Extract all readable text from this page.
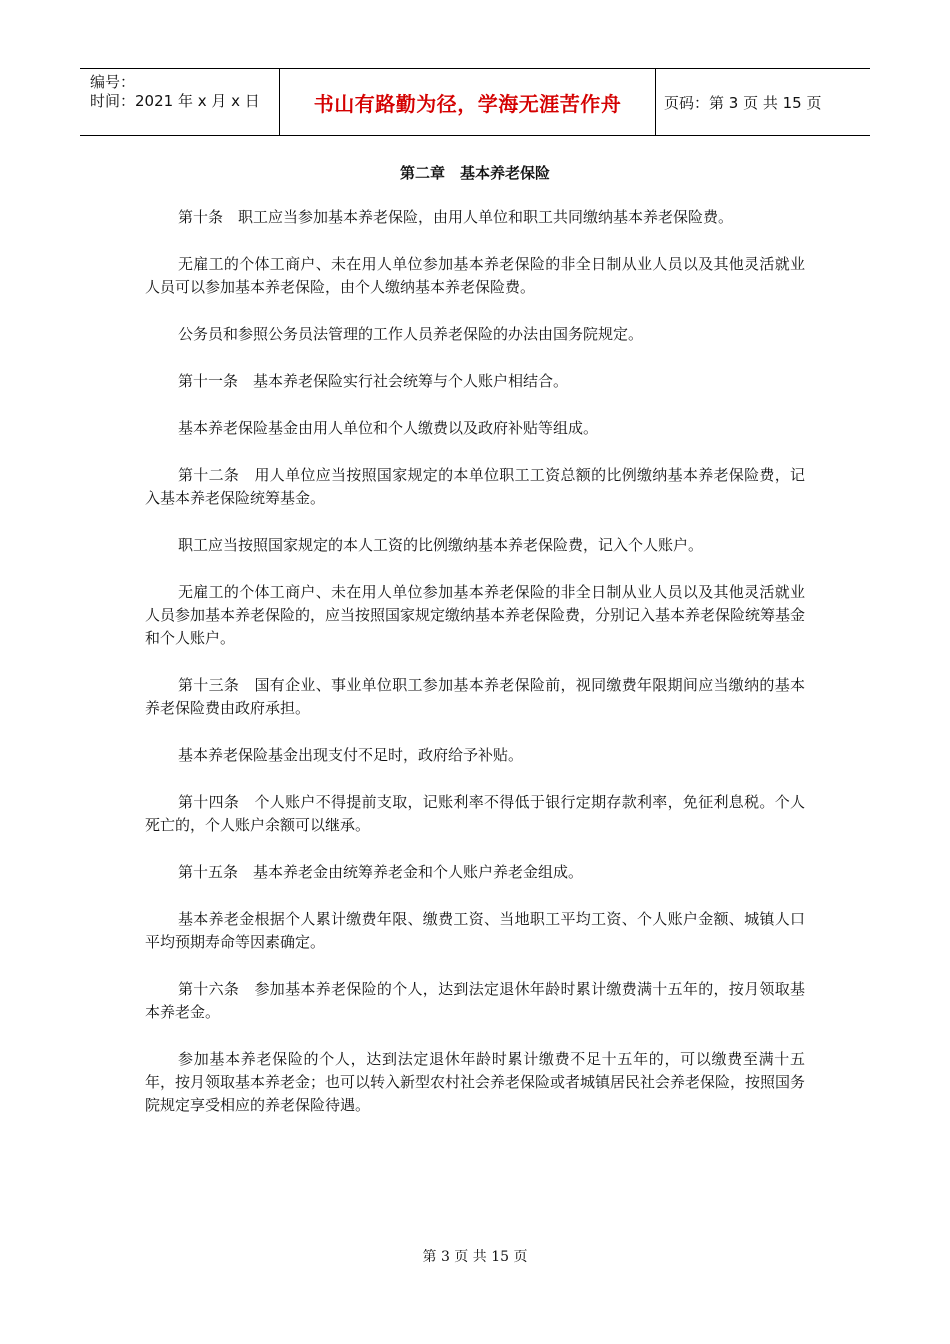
编号：
时间：2021 年 x 月 x 日	书山有路勤为径，学海无涯苦作舟	页码：第 3 页 共 15 页
第二章　基本养老保险

第十条　职工应当参加基本养老保险，由用人单位和职工共同缴纳基本养老保险费。

无雇工的个体工商户、未在用人单位参加基本养老保险的非全日制从业人员以及其他灵活就业人员可以参加基本养老保险，由个人缴纳基本养老保险费。

公务员和参照公务员法管理的工作人员养老保险的办法由国务院规定。

第十一条　基本养老保险实行社会统筹与个人账户相结合。

基本养老保险基金由用人单位和个人缴费以及政府补贴等组成。

第十二条　用人单位应当按照国家规定的本单位职工工资总额的比例缴纳基本养老保险费，记入基本养老保险统筹基金。

职工应当按照国家规定的本人工资的比例缴纳基本养老保险费，记入个人账户。

无雇工的个体工商户、未在用人单位参加基本养老保险的非全日制从业人员以及其他灵活就业人员参加基本养老保险的，应当按照国家规定缴纳基本养老保险费，分别记入基本养老保险统筹基金和个人账户。

第十三条　国有企业、事业单位职工参加基本养老保险前，视同缴费年限期间应当缴纳的基本养老保险费由政府承担。

基本养老保险基金出现支付不足时，政府给予补贴。

第十四条　个人账户不得提前支取，记账利率不得低于银行定期存款利率，免征利息税。个人死亡的，个人账户余额可以继承。

第十五条　基本养老金由统筹养老金和个人账户养老金组成。

基本养老金根据个人累计缴费年限、缴费工资、当地职工平均工资、个人账户金额、城镇人口平均预期寿命等因素确定。

第十六条　参加基本养老保险的个人，达到法定退休年龄时累计缴费满十五年的，按月领取基本养老金。

参加基本养老保险的个人，达到法定退休年龄时累计缴费不足十五年的，可以缴费至满十五年，按月领取基本养老金；也可以转入新型农村社会养老保险或者城镇居民社会养老保险，按照国务院规定享受相应的养老保险待遇。

第 3 页 共 15 页
